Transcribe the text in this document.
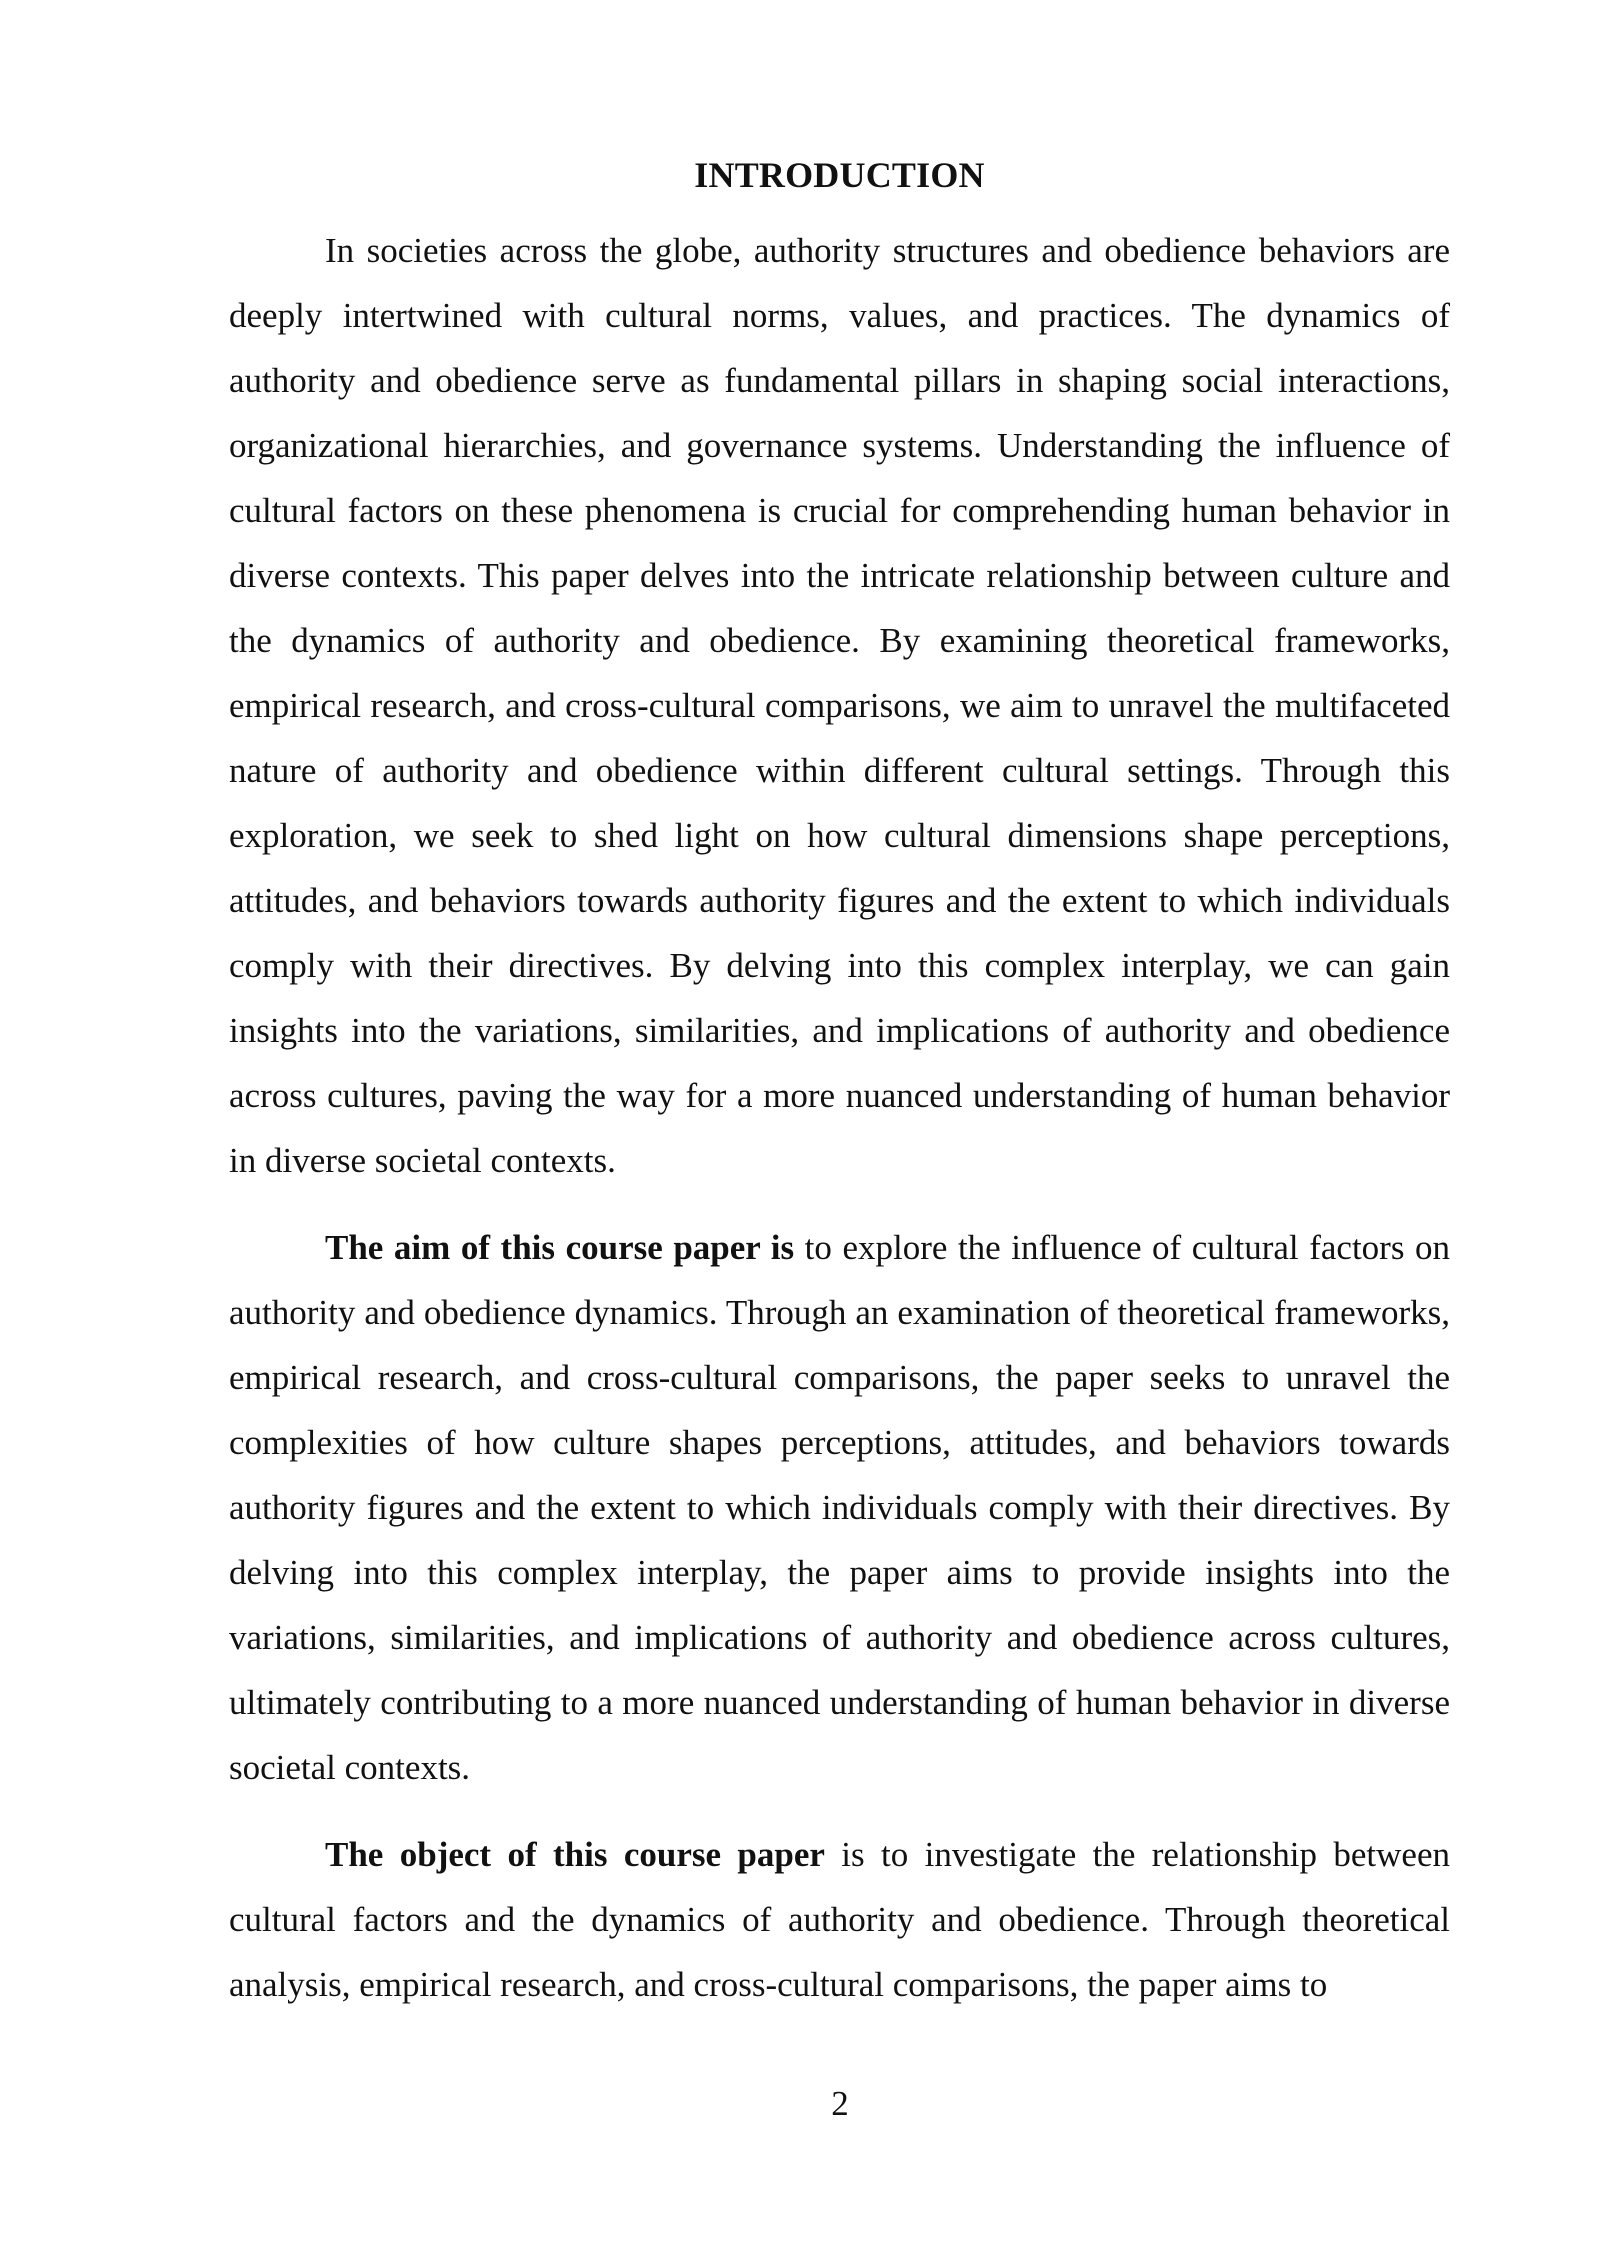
INTRODUCTION

In societies across the globe, authority structures and obedience behaviors are deeply intertwined with cultural norms, values, and practices. The dynamics of authority and obedience serve as fundamental pillars in shaping social interactions, organizational hierarchies, and governance systems. Understanding the influence of cultural factors on these phenomena is crucial for comprehending human behavior in diverse contexts. This paper delves into the intricate relationship between culture and the dynamics of authority and obedience. By examining theoretical frameworks, empirical research, and cross-cultural comparisons, we aim to unravel the multifaceted nature of authority and obedience within different cultural settings. Through this exploration, we seek to shed light on how cultural dimensions shape perceptions, attitudes, and behaviors towards authority figures and the extent to which individuals comply with their directives. By delving into this complex interplay, we can gain insights into the variations, similarities, and implications of authority and obedience across cultures, paving the way for a more nuanced understanding of human behavior in diverse societal contexts.

The aim of this course paper is to explore the influence of cultural factors on authority and obedience dynamics. Through an examination of theoretical frameworks, empirical research, and cross-cultural comparisons, the paper seeks to unravel the complexities of how culture shapes perceptions, attitudes, and behaviors towards authority figures and the extent to which individuals comply with their directives. By delving into this complex interplay, the paper aims to provide insights into the variations, similarities, and implications of authority and obedience across cultures, ultimately contributing to a more nuanced understanding of human behavior in diverse societal contexts.

The object of this course paper is to investigate the relationship between cultural factors and the dynamics of authority and obedience. Through theoretical analysis, empirical research, and cross-cultural comparisons, the paper aims to

2
